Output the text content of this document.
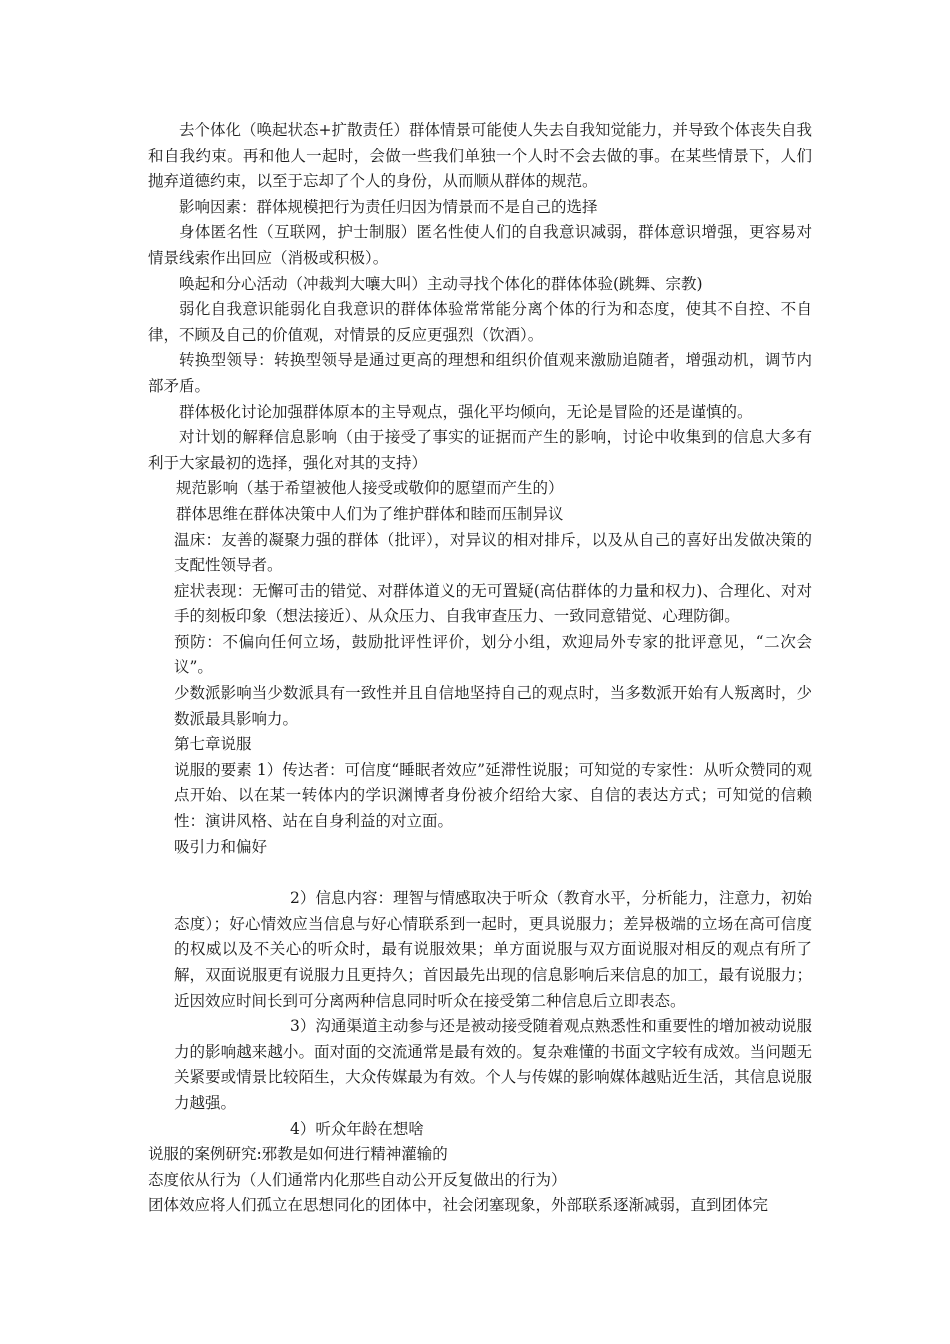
去个体化（唤起状态+扩散责任）群体情景可能使人失去自我知觉能力，并导致个体丧失自我和自我约束。再和他人一起时，会做一些我们单独一个人时不会去做的事。在某些情景下，人们抛弃道德约束，以至于忘却了个人的身份，从而顺从群体的规范。

影响因素：群体规模把行为责任归因为情景而不是自己的选择

身体匿名性（互联网，护士制服）匿名性使人们的自我意识减弱，群体意识增强，更容易对情景线索作出回应（消极或积极）。

唤起和分心活动（冲裁判大嚷大叫）主动寻找个体化的群体体验(跳舞、宗教)

弱化自我意识能弱化自我意识的群体体验常常能分离个体的行为和态度，使其不自控、不自律，不顾及自己的价值观，对情景的反应更强烈（饮酒）。

转换型领导：转换型领导是通过更高的理想和组织价值观来激励追随者，增强动机，调节内部矛盾。

群体极化讨论加强群体原本的主导观点，强化平均倾向，无论是冒险的还是谨慎的。

对计划的解释信息影响（由于接受了事实的证据而产生的影响，讨论中收集到的信息大多有利于大家最初的选择，强化对其的支持）

规范影响（基于希望被他人接受或敬仰的愿望而产生的）

群体思维在群体决策中人们为了维护群体和睦而压制异议

温床：友善的凝聚力强的群体（批评），对异议的相对排斥，以及从自己的喜好出发做决策的支配性领导者。

症状表现：无懈可击的错觉、对群体道义的无可置疑(高估群体的力量和权力)、合理化、对对手的刻板印象（想法接近）、从众压力、自我审查压力、一致同意错觉、心理防御。

预防：不偏向任何立场，鼓励批评性评价，划分小组，欢迎局外专家的批评意见，“二次会议”。

少数派影响当少数派具有一致性并且自信地坚持自己的观点时，当多数派开始有人叛离时，少数派最具影响力。

第七章说服

说服的要素 1）传达者：可信度“睡眠者效应”延滞性说服；可知觉的专家性：从听众赞同的观点开始、以在某一转体内的学识渊博者身份被介绍给大家、自信的表达方式；可知觉的信赖性：演讲风格、站在自身利益的对立面。

吸引力和偏好

2）信息内容：理智与情感取决于听众（教育水平，分析能力，注意力，初始态度）；好心情效应当信息与好心情联系到一起时，更具说服力；差异极端的立场在高可信度的权威以及不关心的听众时，最有说服效果；单方面说服与双方面说服对相反的观点有所了解，双面说服更有说服力且更持久；首因最先出现的信息影响后来信息的加工，最有说服力；近因效应时间长到可分离两种信息同时听众在接受第二种信息后立即表态。

3）沟通渠道主动参与还是被动接受随着观点熟悉性和重要性的增加被动说服力的影响越来越小。面对面的交流通常是最有效的。复杂难懂的书面文字较有成效。当问题无关紧要或情景比较陌生，大众传媒最为有效。个人与传媒的影响媒体越贴近生活，其信息说服力越强。

4）听众年龄在想啥

说服的案例研究:邪教是如何进行精神灌输的

态度依从行为（人们通常内化那些自动公开反复做出的行为）

团体效应将人们孤立在思想同化的团体中，社会闭塞现象，外部联系逐渐减弱，直到团体完
